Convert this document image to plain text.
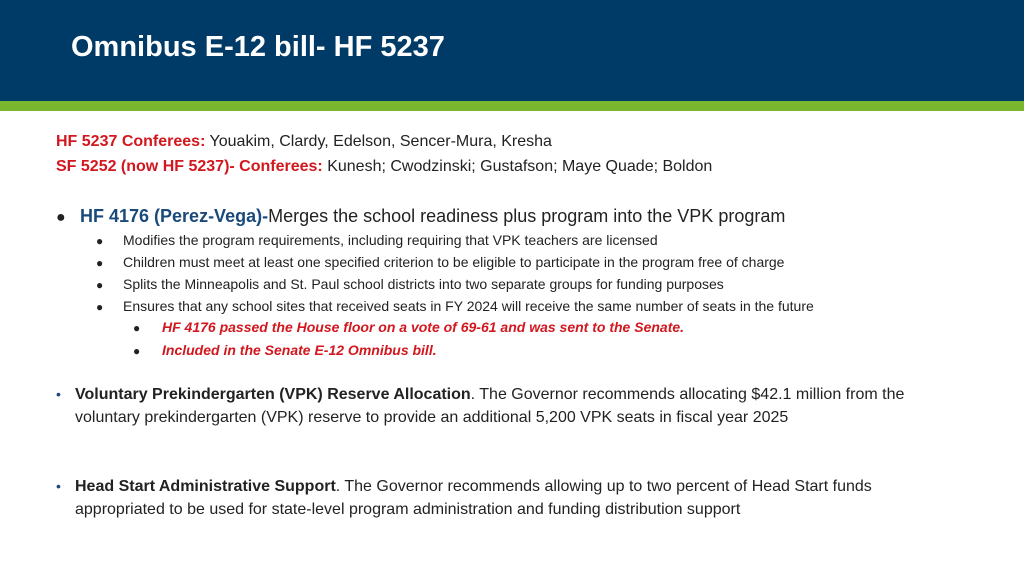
Omnibus E-12 bill- HF 5237
HF 5237 Conferees: Youakim, Clardy, Edelson, Sencer-Mura, Kresha
SF 5252 (now HF 5237)- Conferees: Kunesh; Cwodzinski; Gustafson; Maye Quade; Boldon
● HF 4176 (Perez-Vega)-Merges the school readiness plus program into the VPK program
● Modifies the program requirements, including requiring that VPK teachers are licensed
● Children must meet at least one specified criterion to be eligible to participate in the program free of charge
● Splits the Minneapolis and St. Paul school districts into two separate groups for funding purposes
● Ensures that any school sites that received seats in FY 2024 will receive the same number of seats in the future
● HF 4176 passed the House floor on a vote of 69-61 and was sent to the Senate.
● Included in the Senate E-12 Omnibus bill.
• Voluntary Prekindergarten (VPK) Reserve Allocation. The Governor recommends allocating $42.1 million from the voluntary prekindergarten (VPK) reserve to provide an additional 5,200 VPK seats in fiscal year 2025
• Head Start Administrative Support. The Governor recommends allowing up to two percent of Head Start funds appropriated to be used for state-level program administration and funding distribution support
